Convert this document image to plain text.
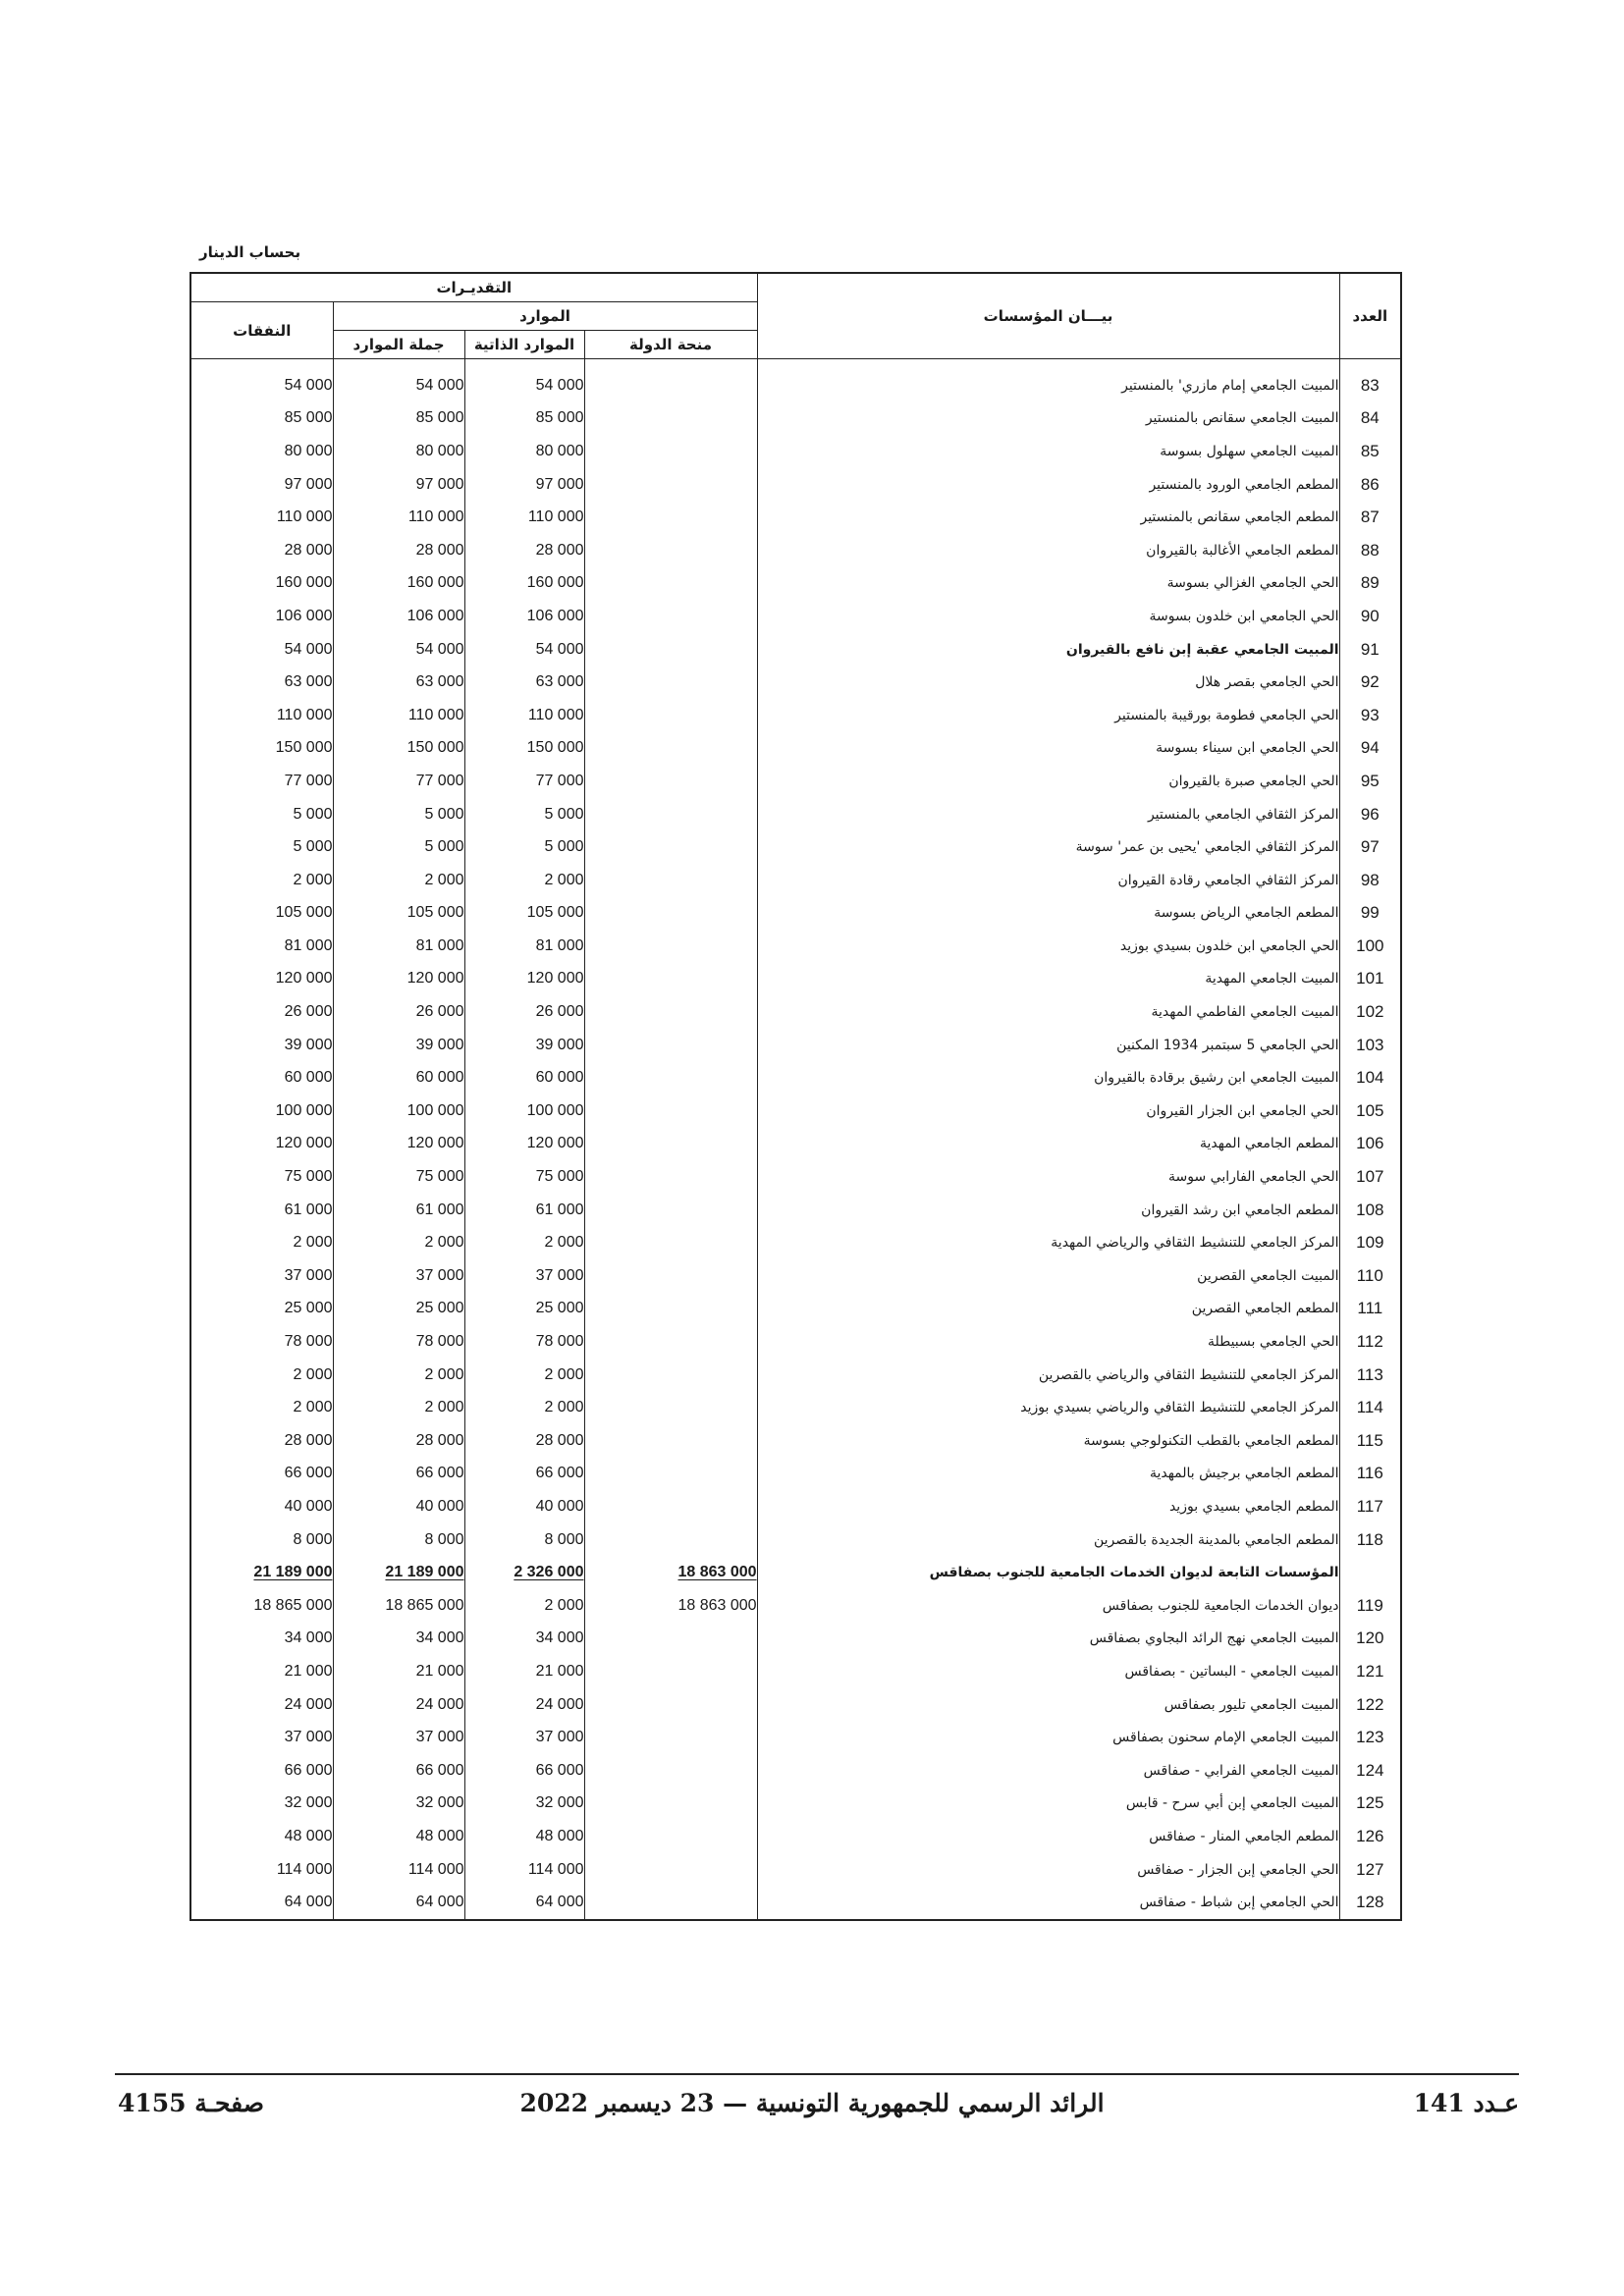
بحساب الدينار
التقديـرات				بيـــان المؤسسات	العدد
النفقات	الموارد				
	جملة الموارد	الموارد الذاتية	منحة الدولة		

54 000	54 000	54 000		المبيت الجامعي إمام مازري' بالمنستير	83
85 000	85 000	85 000		المبيت الجامعي سقانص بالمنستير	84
80 000	80 000	80 000		المبيت الجامعي سهلول بسوسة	85
97 000	97 000	97 000		المطعم الجامعي الورود بالمنستير	86
110 000	110 000	110 000		المطعم الجامعي سقانص بالمنستير	87
28 000	28 000	28 000		المطعم الجامعي الأغالبة بالقيروان	88
160 000	160 000	160 000		الحي الجامعي الغزالي بسوسة	89
106 000	106 000	106 000		الحي الجامعي ابن خلدون بسوسة	90
54 000	54 000	54 000		المبيت الجامعي عقبة إبن نافع بالقيروان	91
63 000	63 000	63 000		الحي الجامعي بقصر هلال	92
110 000	110 000	110 000		الحي الجامعي فطومة بورقيبة بالمنستير	93
150 000	150 000	150 000		الحي الجامعي ابن سيناء بسوسة	94
77 000	77 000	77 000		الحي الجامعي صبرة بالقيروان	95
5 000	5 000	5 000		المركز الثقافي الجامعي بالمنستير	96
5 000	5 000	5 000		المركز الثقافي الجامعي 'يحيى بن عمر' سوسة	97
2 000	2 000	2 000		المركز الثقافي الجامعي رقادة القيروان	98
105 000	105 000	105 000		المطعم الجامعي الرياض بسوسة	99
81 000	81 000	81 000		الحي الجامعي ابن خلدون بسيدي بوزيد	100
120 000	120 000	120 000		المبيت الجامعي المهدية	101
26 000	26 000	26 000		المبيت الجامعي الفاطمي المهدية	102
39 000	39 000	39 000		الحي الجامعي 5 سبتمبر 1934 المكنين	103
60 000	60 000	60 000		المبيت الجامعي ابن رشيق برقادة بالقيروان	104
100 000	100 000	100 000		الحي الجامعي ابن الجزار القيروان	105
120 000	120 000	120 000		المطعم الجامعي المهدية	106
75 000	75 000	75 000		الحي الجامعي الفارابي سوسة	107
61 000	61 000	61 000		المطعم الجامعي ابن رشد القيروان	108
2 000	2 000	2 000		المركز الجامعي للتنشيط الثقافي والرياضي المهدية	109
37 000	37 000	37 000		المبيت الجامعي القصرين	110
25 000	25 000	25 000		المطعم الجامعي القصرين	111
78 000	78 000	78 000		الحي الجامعي بسبيطلة	112
2 000	2 000	2 000		المركز الجامعي للتنشيط الثقافي والرياضي بالقصرين	113
2 000	2 000	2 000		المركز الجامعي للتنشيط الثقافي والرياضي بسيدي بوزيد	114
28 000	28 000	28 000		المطعم الجامعي بالقطب التكنولوجي بسوسة	115
66 000	66 000	66 000		المطعم الجامعي برجيش بالمهدية	116
40 000	40 000	40 000		المطعم الجامعي بسيدي بوزيد	117
8 000	8 000	8 000		المطعم الجامعي بالمدينة الجديدة بالقصرين	118
21 189 000	21 189 000	2 326 000	18 863 000	المؤسسات التابعة لديوان الخدمات الجامعية للجنوب بصفاقس	
18 865 000	18 865 000	2 000	18 863 000	ديوان الخدمات الجامعية للجنوب بصفاقس	119
34 000	34 000	34 000		المبيت الجامعي نهج الرائد البجاوي بصفاقس	120
21 000	21 000	21 000		المبيت الجامعي - البساتين - بصفاقس	121
24 000	24 000	24 000		المبيت الجامعي تليور بصفاقس	122
37 000	37 000	37 000		المبيت الجامعي الإمام سحنون بصفاقس	123
66 000	66 000	66 000		المبيت الجامعي الفرابي - صفاقس	124
32 000	32 000	32 000		المبيت الجامعي إبن أبي سرح - قابس	125
48 000	48 000	48 000		المطعم الجامعي المنار - صفاقس	126
114 000	114 000	114 000		الحي الجامعي إبن الجزار - صفاقس	127
64 000	64 000	64 000		الحي الجامعي إبن شباط - صفاقس	128
عـدد 141
الرائد الرسمي للجمهورية التونسية — 23 ديسمبر 2022
صفحـة 4155
